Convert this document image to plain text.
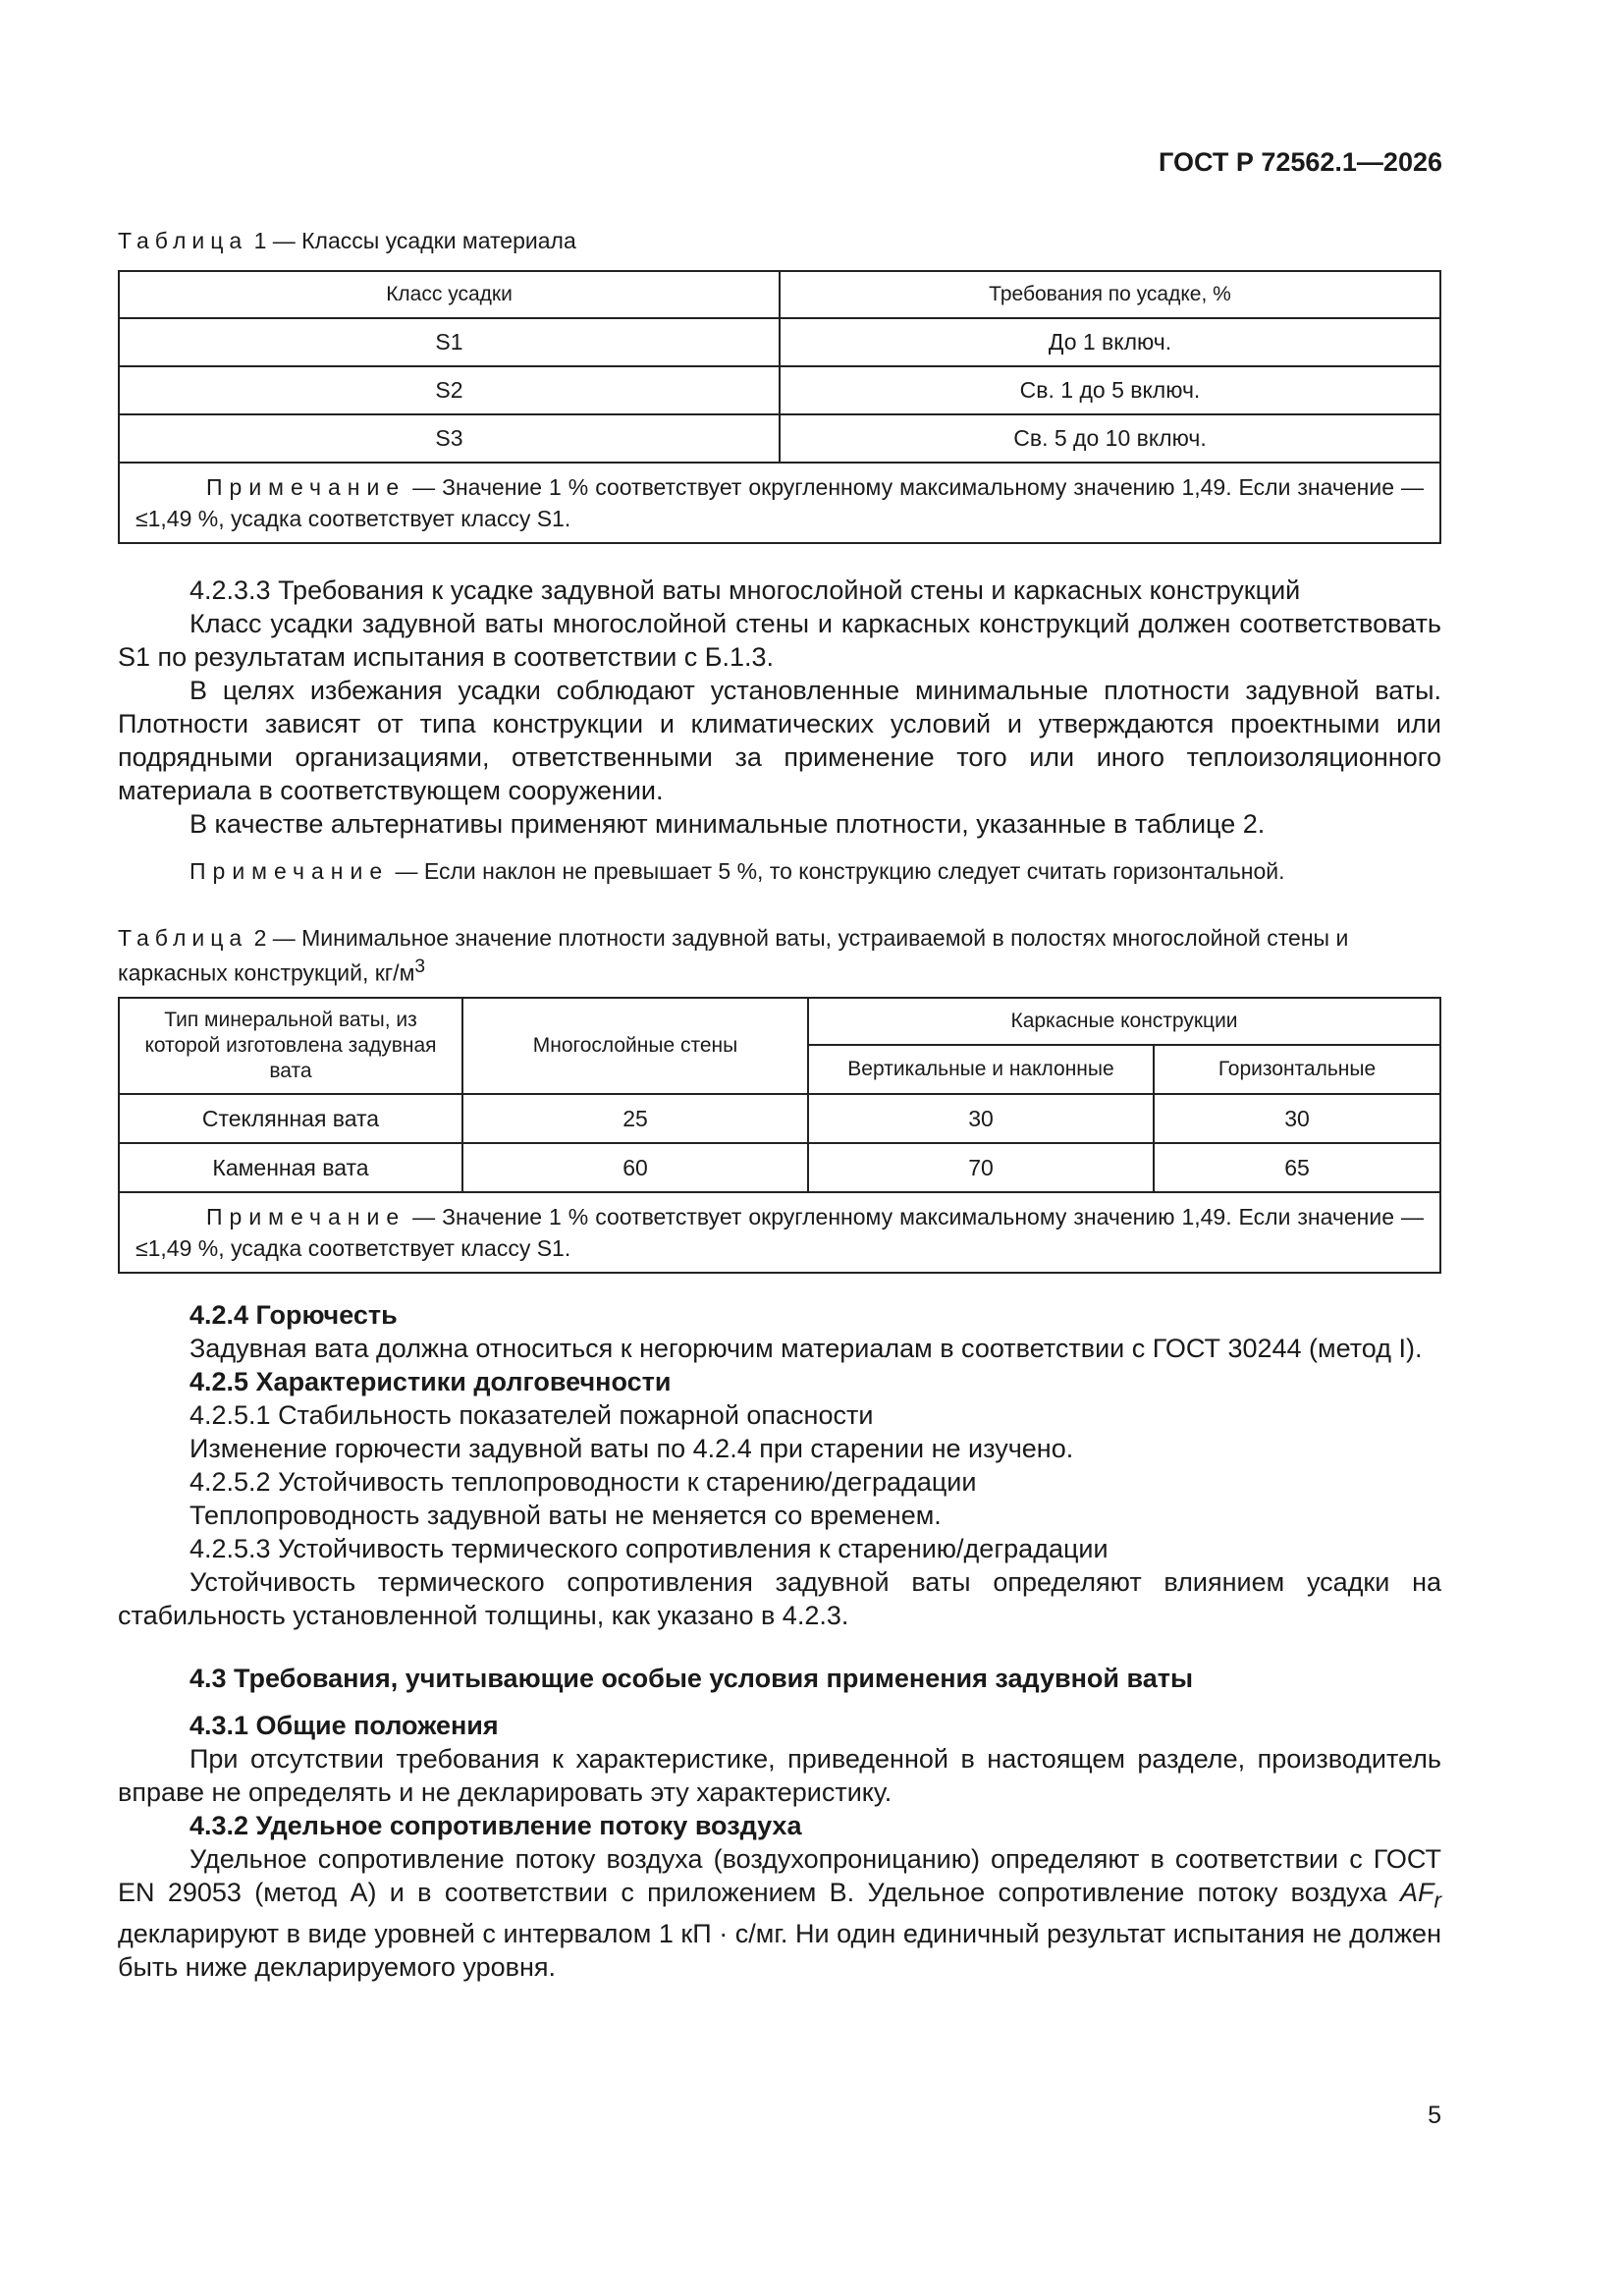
ГОСТ Р 72562.1—2026
Таблица 1 — Классы усадки материала
Класс усадки	Требования по усадке, %
S1	До 1 включ.
S2	Св. 1 до 5 включ.
S3	Св. 5 до 10 включ.
Примечание — Значение 1 % соответствует округленному максимальному значению 1,49. Если значение — ≤1,49 %, усадка соответствует классу S1.	

4.2.3.3 Требования к усадке задувной ваты многослойной стены и каркасных конструкций

Класс усадки задувной ваты многослойной стены и каркасных конструкций должен соответствовать S1 по результатам испытания в соответствии с Б.1.3.

В целях избежания усадки соблюдают установленные минимальные плотности задувной ваты. Плотности зависят от типа конструкции и климатических условий и утверждаются проектными или подрядными организациями, ответственными за применение того или иного теплоизоляционного материала в соответствующем сооружении.

В качестве альтернативы применяют минимальные плотности, указанные в таблице 2.

Примечание — Если наклон не превышает 5 %, то конструкцию следует считать горизонтальной.

Таблица 2 — Минимальное значение плотности задувной ваты, устраиваемой в полостях многослойной стены и каркасных конструкций, $кг/м^3$
Тип минеральной ваты, из которой изготовлена задувная вата	Многослойные стены	Каркасные конструкции	
		Вертикальные и наклонные	Горизонтальные
Стеклянная вата	25	30	30
Каменная вата	60	70	65
Примечание — Значение 1 % соответствует округленному максимальному значению 1,49. Если значение — ≤1,49 %, усадка соответствует классу S1.			

4.2.4 Горючесть

Задувная вата должна относиться к негорючим материалам в соответствии с ГОСТ 30244 (метод I).

4.2.5 Характеристики долговечности

4.2.5.1 Стабильность показателей пожарной опасности

Изменение горючести задувной ваты по 4.2.4 при старении не изучено.

4.2.5.2 Устойчивость теплопроводности к старению/деградации

Теплопроводность задувной ваты не меняется со временем.

4.2.5.3 Устойчивость термического сопротивления к старению/деградации

Устойчивость термического сопротивления задувной ваты определяют влиянием усадки на стабильность установленной толщины, как указано в 4.2.3.

4.3 Требования, учитывающие особые условия применения задувной ваты

4.3.1 Общие положения

При отсутствии требования к характеристике, приведенной в настоящем разделе, производитель вправе не определять и не декларировать эту характеристику.

4.3.2 Удельное сопротивление потоку воздуха

Удельное сопротивление потоку воздуха (воздухопроницанию) определяют в соответствии с ГОСТ EN 29053 (метод А) и в соответствии с приложением В. Удельное сопротивление потоку воздуха $AF_r$ декларируют в виде уровней с интервалом 1 кП · с/мг. Ни один единичный результат испытания не должен быть ниже декларируемого уровня.

5
